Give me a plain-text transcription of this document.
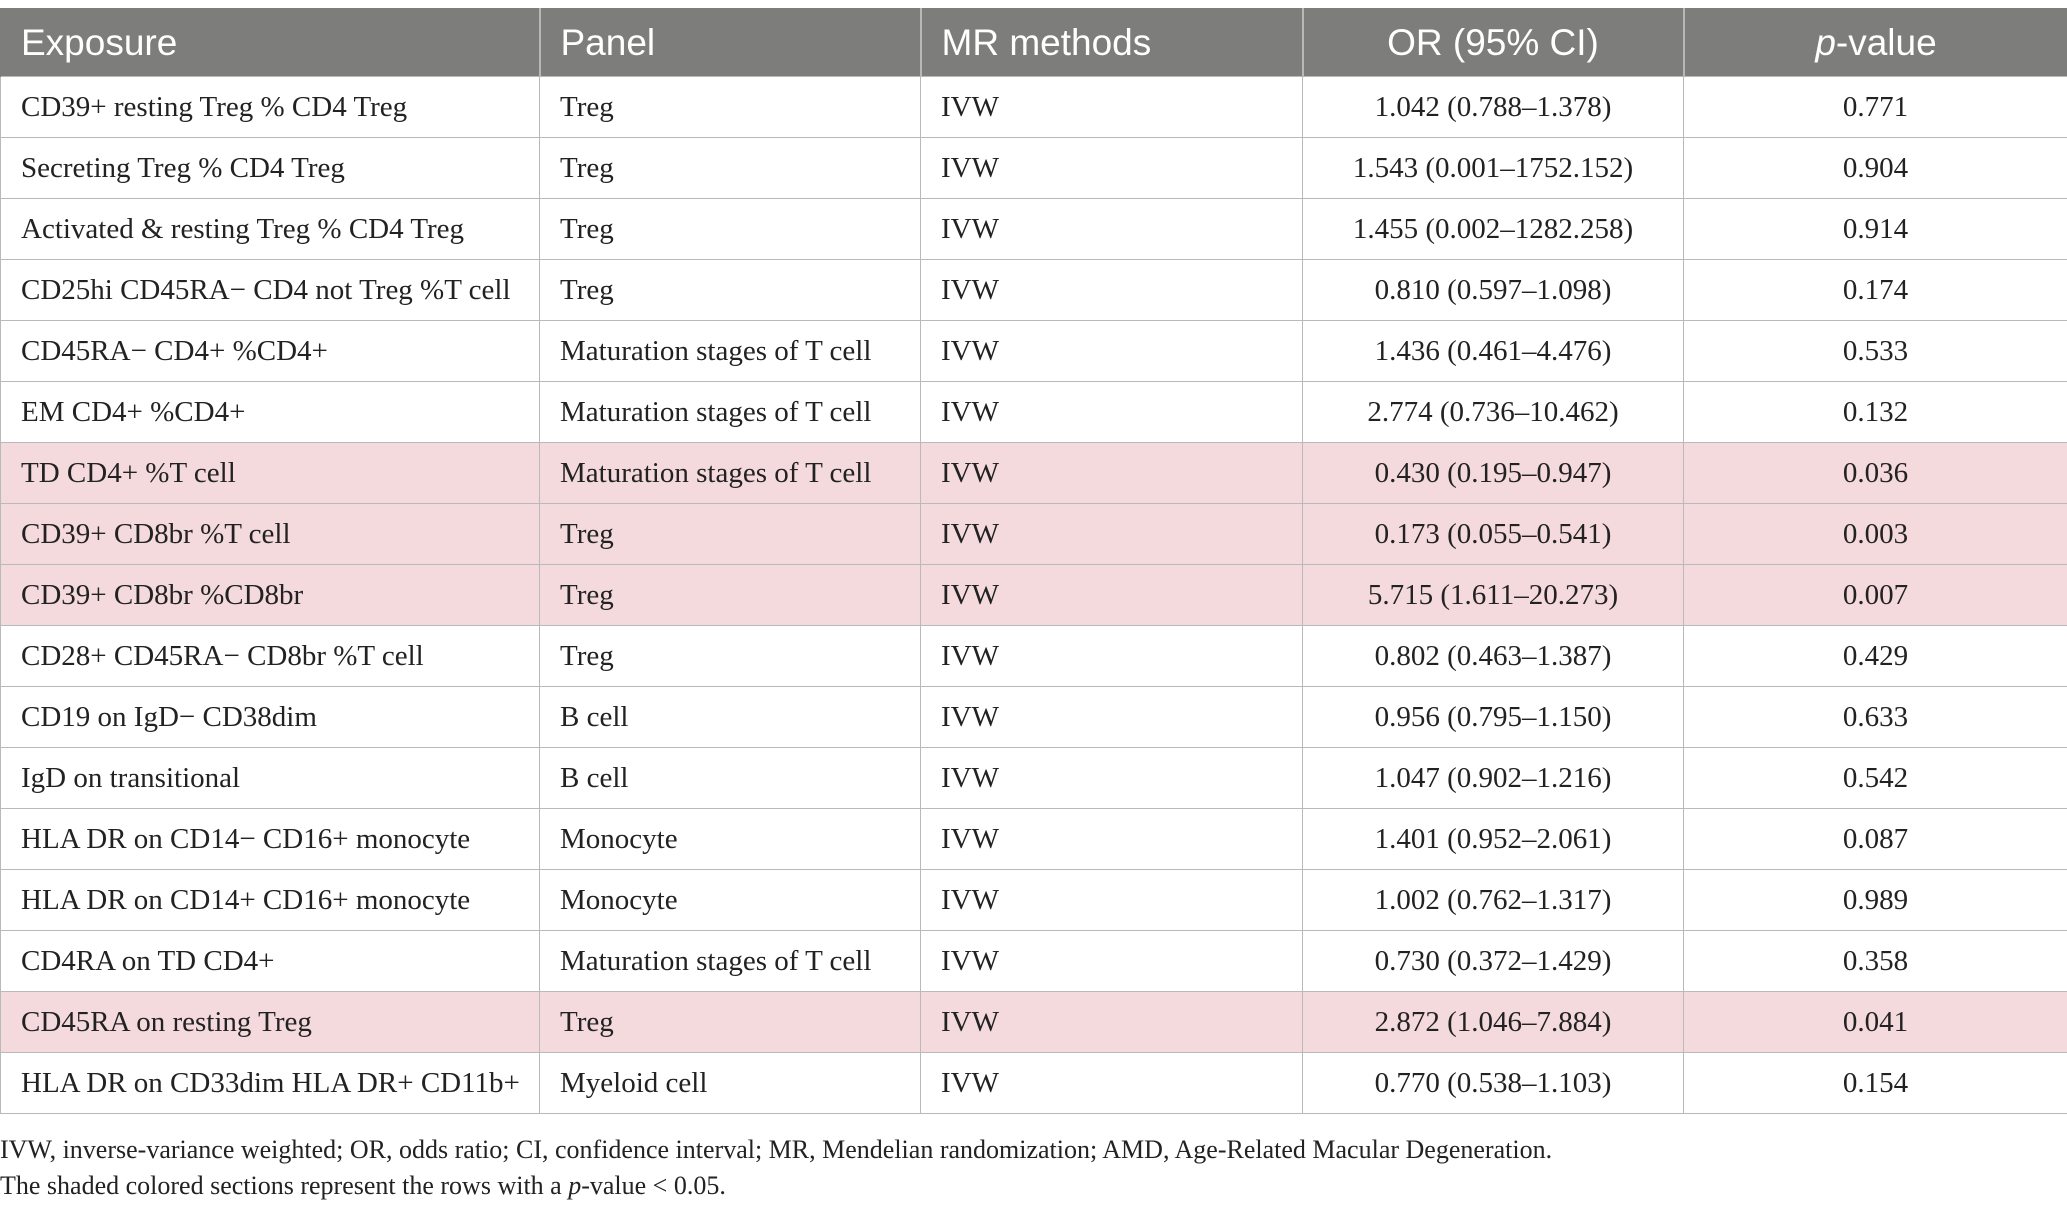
Exposure	Panel	MR methods	OR (95% CI)	p-value
CD39+ resting Treg % CD4 Treg	Treg	IVW	1.042 (0.788–1.378)	0.771
Secreting Treg % CD4 Treg	Treg	IVW	1.543 (0.001–1752.152)	0.904
Activated & resting Treg % CD4 Treg	Treg	IVW	1.455 (0.002–1282.258)	0.914
CD25hi CD45RA− CD4 not Treg %T cell	Treg	IVW	0.810 (0.597–1.098)	0.174
CD45RA− CD4+ %CD4+	Maturation stages of T cell	IVW	1.436 (0.461–4.476)	0.533
EM CD4+ %CD4+	Maturation stages of T cell	IVW	2.774 (0.736–10.462)	0.132
TD CD4+ %T cell	Maturation stages of T cell	IVW	0.430 (0.195–0.947)	0.036
CD39+ CD8br %T cell	Treg	IVW	0.173 (0.055–0.541)	0.003
CD39+ CD8br %CD8br	Treg	IVW	5.715 (1.611–20.273)	0.007
CD28+ CD45RA− CD8br %T cell	Treg	IVW	0.802 (0.463–1.387)	0.429
CD19 on IgD− CD38dim	B cell	IVW	0.956 (0.795–1.150)	0.633
IgD on transitional	B cell	IVW	1.047 (0.902–1.216)	0.542
HLA DR on CD14− CD16+ monocyte	Monocyte	IVW	1.401 (0.952–2.061)	0.087
HLA DR on CD14+ CD16+ monocyte	Monocyte	IVW	1.002 (0.762–1.317)	0.989
CD4RA on TD CD4+	Maturation stages of T cell	IVW	0.730 (0.372–1.429)	0.358
CD45RA on resting Treg	Treg	IVW	2.872 (1.046–7.884)	0.041
HLA DR on CD33dim HLA DR+ CD11b+	Myeloid cell	IVW	0.770 (0.538–1.103)	0.154
IVW, inverse-variance weighted; OR, odds ratio; CI, confidence interval; MR, Mendelian randomization; AMD, Age-Related Macular Degeneration.
The shaded colored sections represent the rows with a p-value < 0.05.
